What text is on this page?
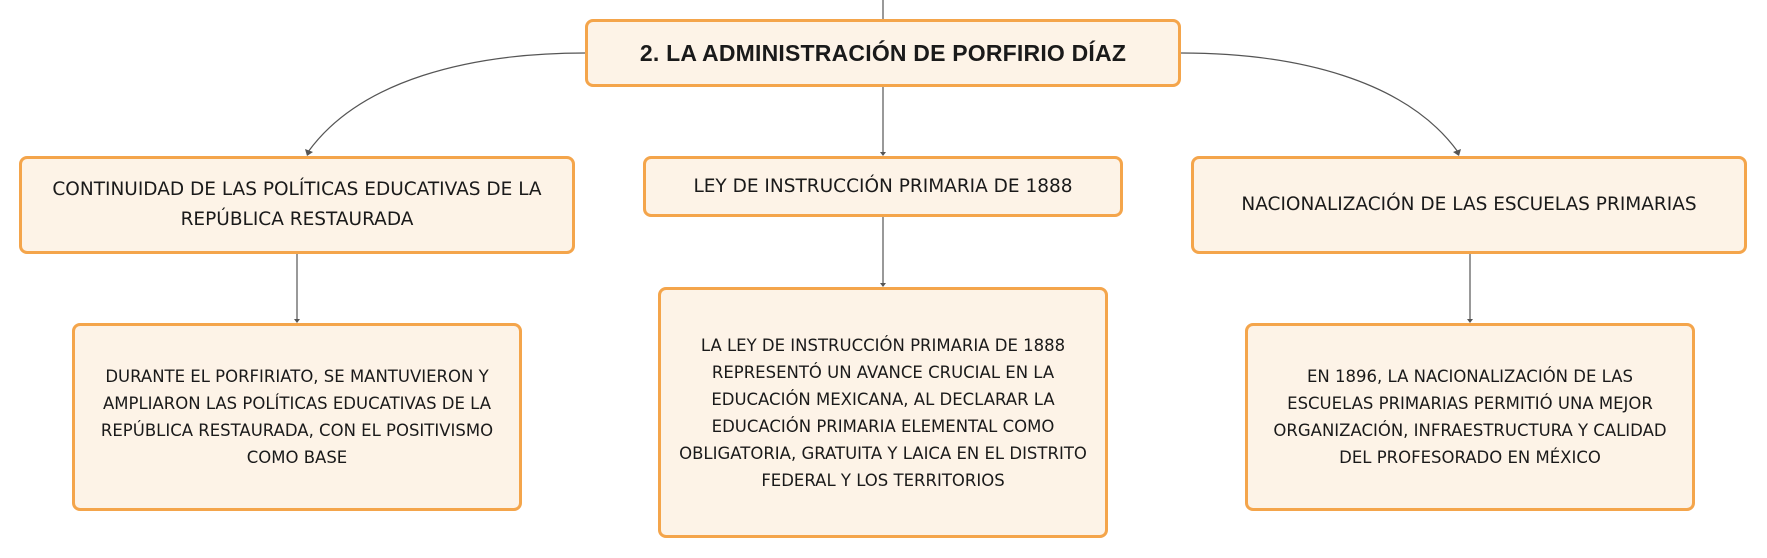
2. LA ADMINISTRACIÓN DE PORFIRIO DÍAZ
CONTINUIDAD DE LAS POLÍTICAS EDUCATIVAS DE LA REPÚBLICA RESTAURADA
LEY DE INSTRUCCIÓN PRIMARIA DE 1888
NACIONALIZACIÓN DE LAS ESCUELAS PRIMARIAS
DURANTE EL PORFIRIATO, SE MANTUVIERON Y AMPLIARON LAS POLÍTICAS EDUCATIVAS DE LA REPÚBLICA RESTAURADA, CON EL POSITIVISMO COMO BASE
LA LEY DE INSTRUCCIÓN PRIMARIA DE 1888 REPRESENTÓ UN AVANCE CRUCIAL EN LA EDUCACIÓN MEXICANA, AL DECLARAR LA EDUCACIÓN PRIMARIA ELEMENTAL COMO OBLIGATORIA, GRATUITA Y LAICA EN EL DISTRITO FEDERAL Y LOS TERRITORIOS
EN 1896, LA NACIONALIZACIÓN DE LAS ESCUELAS PRIMARIAS PERMITIÓ UNA MEJOR ORGANIZACIÓN, INFRAESTRUCTURA Y CALIDAD DEL PROFESORADO EN MÉXICO
